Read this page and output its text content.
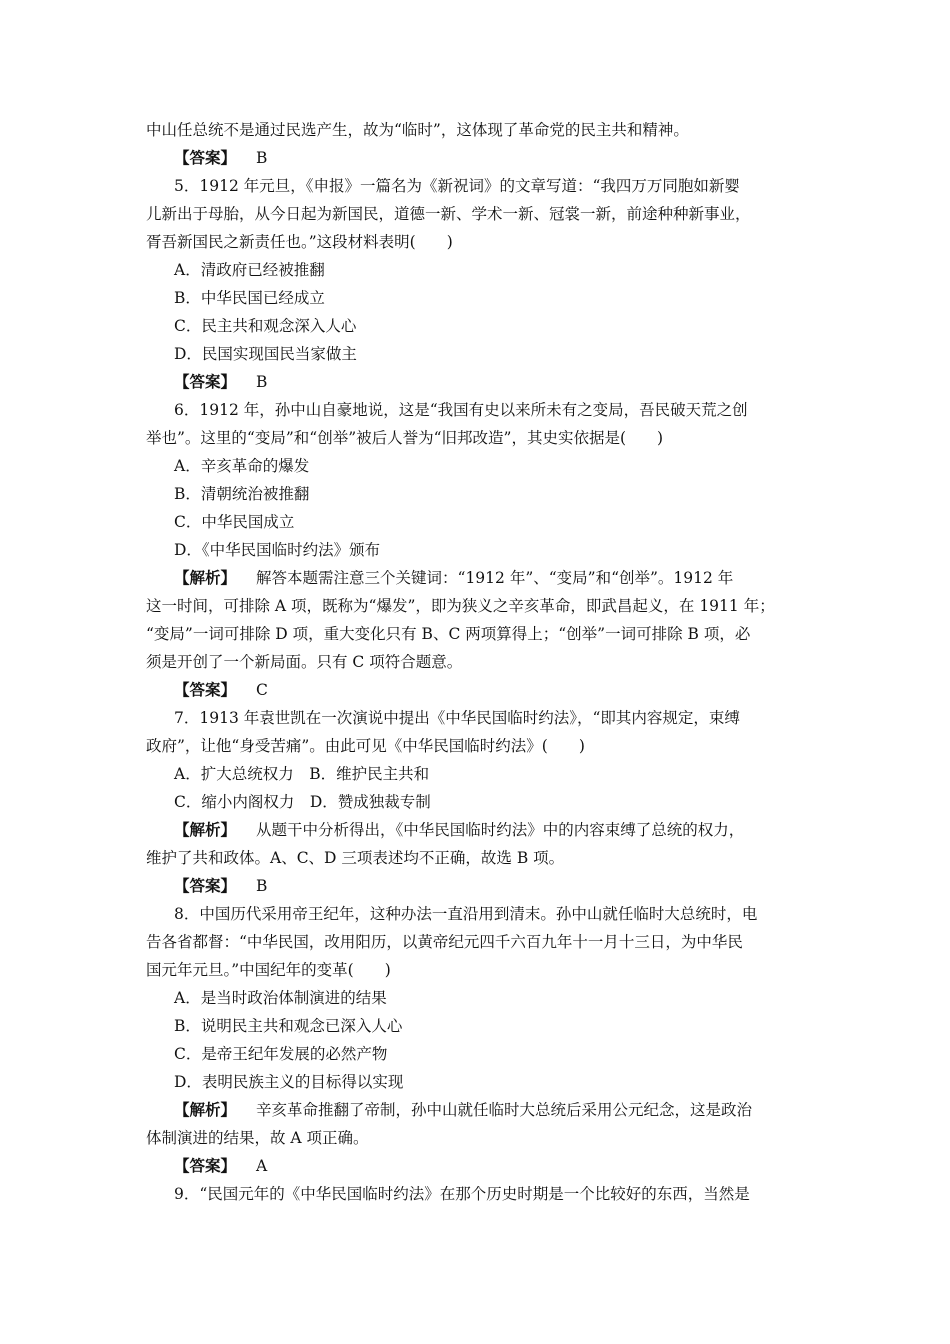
中山任总统不是通过民选产生，故为“临时”，这体现了革命党的民主共和精神。
【答案】 B
5．1912 年元旦，《申报》一篇名为《新祝词》的文章写道：“我四万万同胞如新婴
儿新出于母胎，从今日起为新国民，道德一新、学术一新、冠裳一新，前途种种新事业，
胥吾新国民之新责任也。”这段材料表明(　　)
A．清政府已经被推翻
B．中华民国已经成立
C．民主共和观念深入人心
D．民国实现国民当家做主
【答案】 B
6．1912 年，孙中山自豪地说，这是“我国有史以来所未有之变局，吾民破天荒之创
举也”。这里的“变局”和“创举”被后人誉为“旧邦改造”，其史实依据是(　　)
A．辛亥革命的爆发
B．清朝统治被推翻
C．中华民国成立
D．《中华民国临时约法》颁布
【解析】 解答本题需注意三个关键词：“1912 年”、“变局”和“创举”。1912 年
这一时间，可排除 A 项，既称为“爆发”，即为狭义之辛亥革命，即武昌起义，在 1911 年；
“变局”一词可排除 D 项，重大变化只有 B、C 两项算得上；“创举”一词可排除 B 项，必
须是开创了一个新局面。只有 C 项符合题意。
【答案】 C
7．1913 年袁世凯在一次演说中提出《中华民国临时约法》，“即其内容规定，束缚
政府”，让他“身受苦痛”。由此可见《中华民国临时约法》(　　)
A．扩大总统权力　B．维护民主共和
C．缩小内阁权力　D．赞成独裁专制
【解析】 从题干中分析得出，《中华民国临时约法》中的内容束缚了总统的权力，
维护了共和政体。A、C、D 三项表述均不正确，故选 B 项。
【答案】 B
8．中国历代采用帝王纪年，这种办法一直沿用到清末。孙中山就任临时大总统时，电
告各省都督：“中华民国，改用阳历，以黄帝纪元四千六百九年十一月十三日，为中华民
国元年元旦。”中国纪年的变革(　　)
A．是当时政治体制演进的结果
B．说明民主共和观念已深入人心
C．是帝王纪年发展的必然产物
D．表明民族主义的目标得以实现
【解析】 辛亥革命推翻了帝制，孙中山就任临时大总统后采用公元纪念，这是政治
体制演进的结果，故 A 项正确。
【答案】 A
9．“民国元年的《中华民国临时约法》在那个历史时期是一个比较好的东西，当然是
